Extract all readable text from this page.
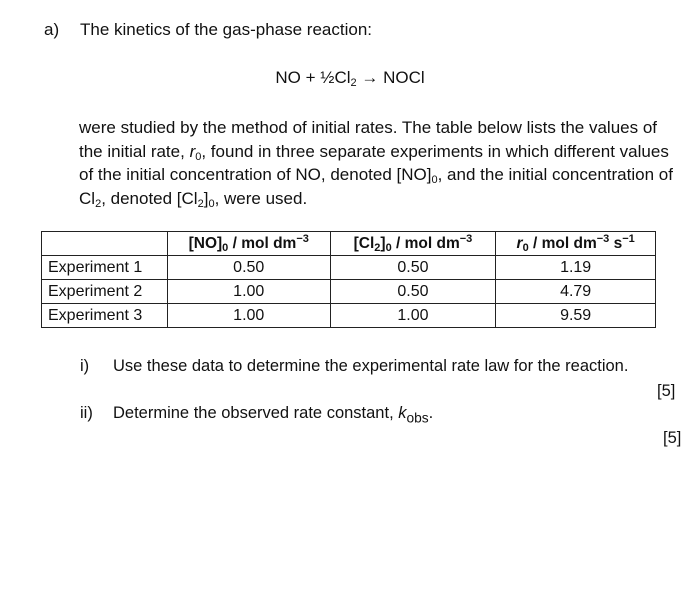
a) The kinetics of the gas-phase reaction:
NO + $\frac{1}{2}Cl_2$ → NOCl
were studied by the method of initial rates. The table below lists the values of the initial rate, $r_0$, found in three separate experiments in which different values of the initial concentration of NO, denoted $[NO]_0$, and the initial concentration of $Cl_2$, denoted $[Cl_2]_0$, were used.
	$[NO]_0$ / mol $dm^{-3}$	$[Cl_2]_0$ / mol $dm^{-3}$	$r_0$ / mol $dm^{-3}$ $s^{-1}$
Experiment 1	0.50	0.50	1.19
Experiment 2	1.00	0.50	4.79
Experiment 3	1.00	1.00	9.59
i) Use these data to determine the experimental rate law for the reaction.
[5]
ii) Determine the observed rate constant, $k_{obs}$.
[5]
